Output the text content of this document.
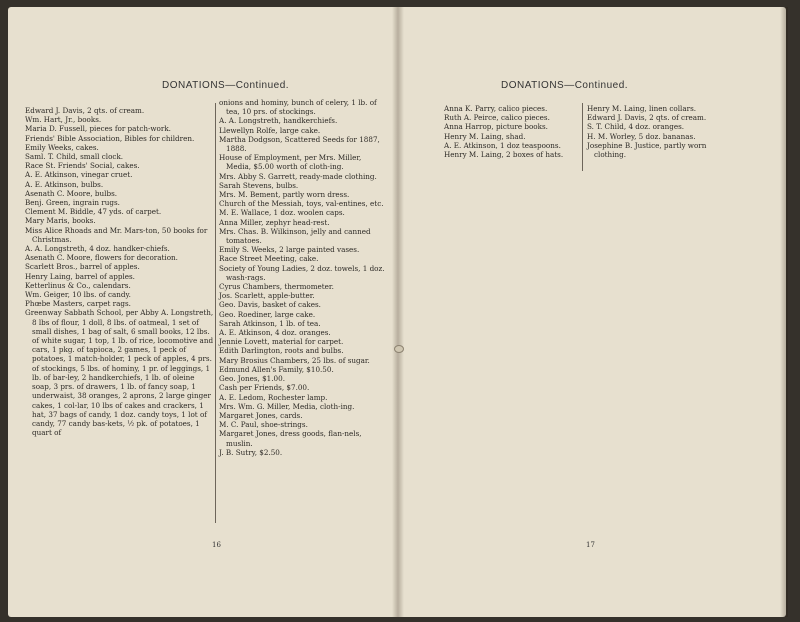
DONATIONS—Continued.
Edward J. Davis, 2 qts. of cream.
Wm. Hart, Jr., books.
Maria D. Fussell, pieces for patch-work.
Friends' Bible Association, Bibles for children.
Emily Weeks, cakes.
Saml. T. Child, small clock.
Race St. Friends' Social, cakes.
A. E. Atkinson, vinegar cruet.
A. E. Atkinson, bulbs.
Asenath C. Moore, bulbs.
Benj. Green, ingrain rugs.
Clement M. Biddle, 47 yds. of carpet.
Mary Maris, books.
Miss Alice Rhoads and Mr. Mars-ton, 50 books for Christmas.
A. A. Longstreth, 4 doz. handker-chiefs.
Asenath C. Moore, flowers for decoration.
Scarlett Bros., barrel of apples.
Henry Laing, barrel of apples.
Ketterlinus & Co., calendars.
Wm. Geiger, 10 lbs. of candy.
Phœbe Masters, carpet rags.
Greenway Sabbath School, per Abby A. Longstreth, 8 lbs of flour, 1 doll, 8 lbs. of oatmeal, 1 set of small dishes, 1 bag of salt, 6 small books, 12 lbs. of white sugar, 1 top, 1 lb. of rice, locomotive and cars, 1 pkg. of tapioca, 2 games, 1 peck of potatoes, 1 match-holder, 1 peck of apples, 4 prs. of stockings, 5 lbs. of hominy, 1 pr. of leggings, 1 lb. of bar-ley, 2 handkerchiefs, 1 lb. of oleine soap, 3 prs. of drawers, 1 lb. of fancy soap, 1 underwaist, 38 oranges, 2 aprons, 2 large ginger cakes, 1 col-lar, 10 lbs of cakes and crackers, 1 hat, 37 bags of candy, 1 doz. candy toys, 1 lot of candy, 77 candy bas-kets, ½ pk. of potatoes, 1 quart of
onions and hominy, bunch of celery, 1 lb. of tea, 10 prs. of stockings.
A. A. Longstreth, handkerchiefs.
Llewellyn Rolfe, large cake.
Martha Dodgson, Scattered Seeds for 1887, 1888.
House of Employment, per Mrs. Miller, Media, $5.00 worth of cloth-ing.
Mrs. Abby S. Garrett, ready-made clothing.
Sarah Stevens, bulbs.
Mrs. M. Bement, partly worn dress.
Church of the Messiah, toys, val-entines, etc.
M. E. Wallace, 1 doz. woolen caps.
Anna Miller, zephyr head-rest.
Mrs. Chas. B. Wilkinson, jelly and canned tomatoes.
Emily S. Weeks, 2 large painted vases.
Race Street Meeting, cake.
Society of Young Ladies, 2 doz. towels, 1 doz. wash-rags.
Cyrus Chambers, thermometer.
Jos. Scarlett, apple-butter.
Geo. Davis, basket of cakes.
Geo. Roediner, large cake.
Sarah Atkinson, 1 lb. of tea.
A. E. Atkinson, 4 doz. oranges.
Jennie Lovett, material for carpet.
Edith Darlington, roots and bulbs.
Mary Brosius Chambers, 25 lbs. of sugar.
Edmund Allen's Family, $10.50.
Geo. Jones, $1.00.
Cash per Friends, $7.00.
A. E. Ledom, Rochester lamp.
Mrs. Wm. G. Miller, Media, cloth-ing.
Margaret Jones, cards.
M. C. Paul, shoe-strings.
Margaret Jones, dress goods, flan-nels, muslin.
J. B. Sutry, $2.50.
16
DONATIONS—Continued.
Anna K. Parry, calico pieces.
Ruth A. Peirce, calico pieces.
Anna Harrop, picture books.
Henry M. Laing, shad.
A. E. Atkinson, 1 doz teaspoons.
Henry M. Laing, 2 boxes of hats.
Henry M. Laing, linen collars.
Edward J. Davis, 2 qts. of cream.
S. T. Child, 4 doz. oranges.
H. M. Worley, 5 doz. bananas.
Josephine B. Justice, partly worn clothing.
17
